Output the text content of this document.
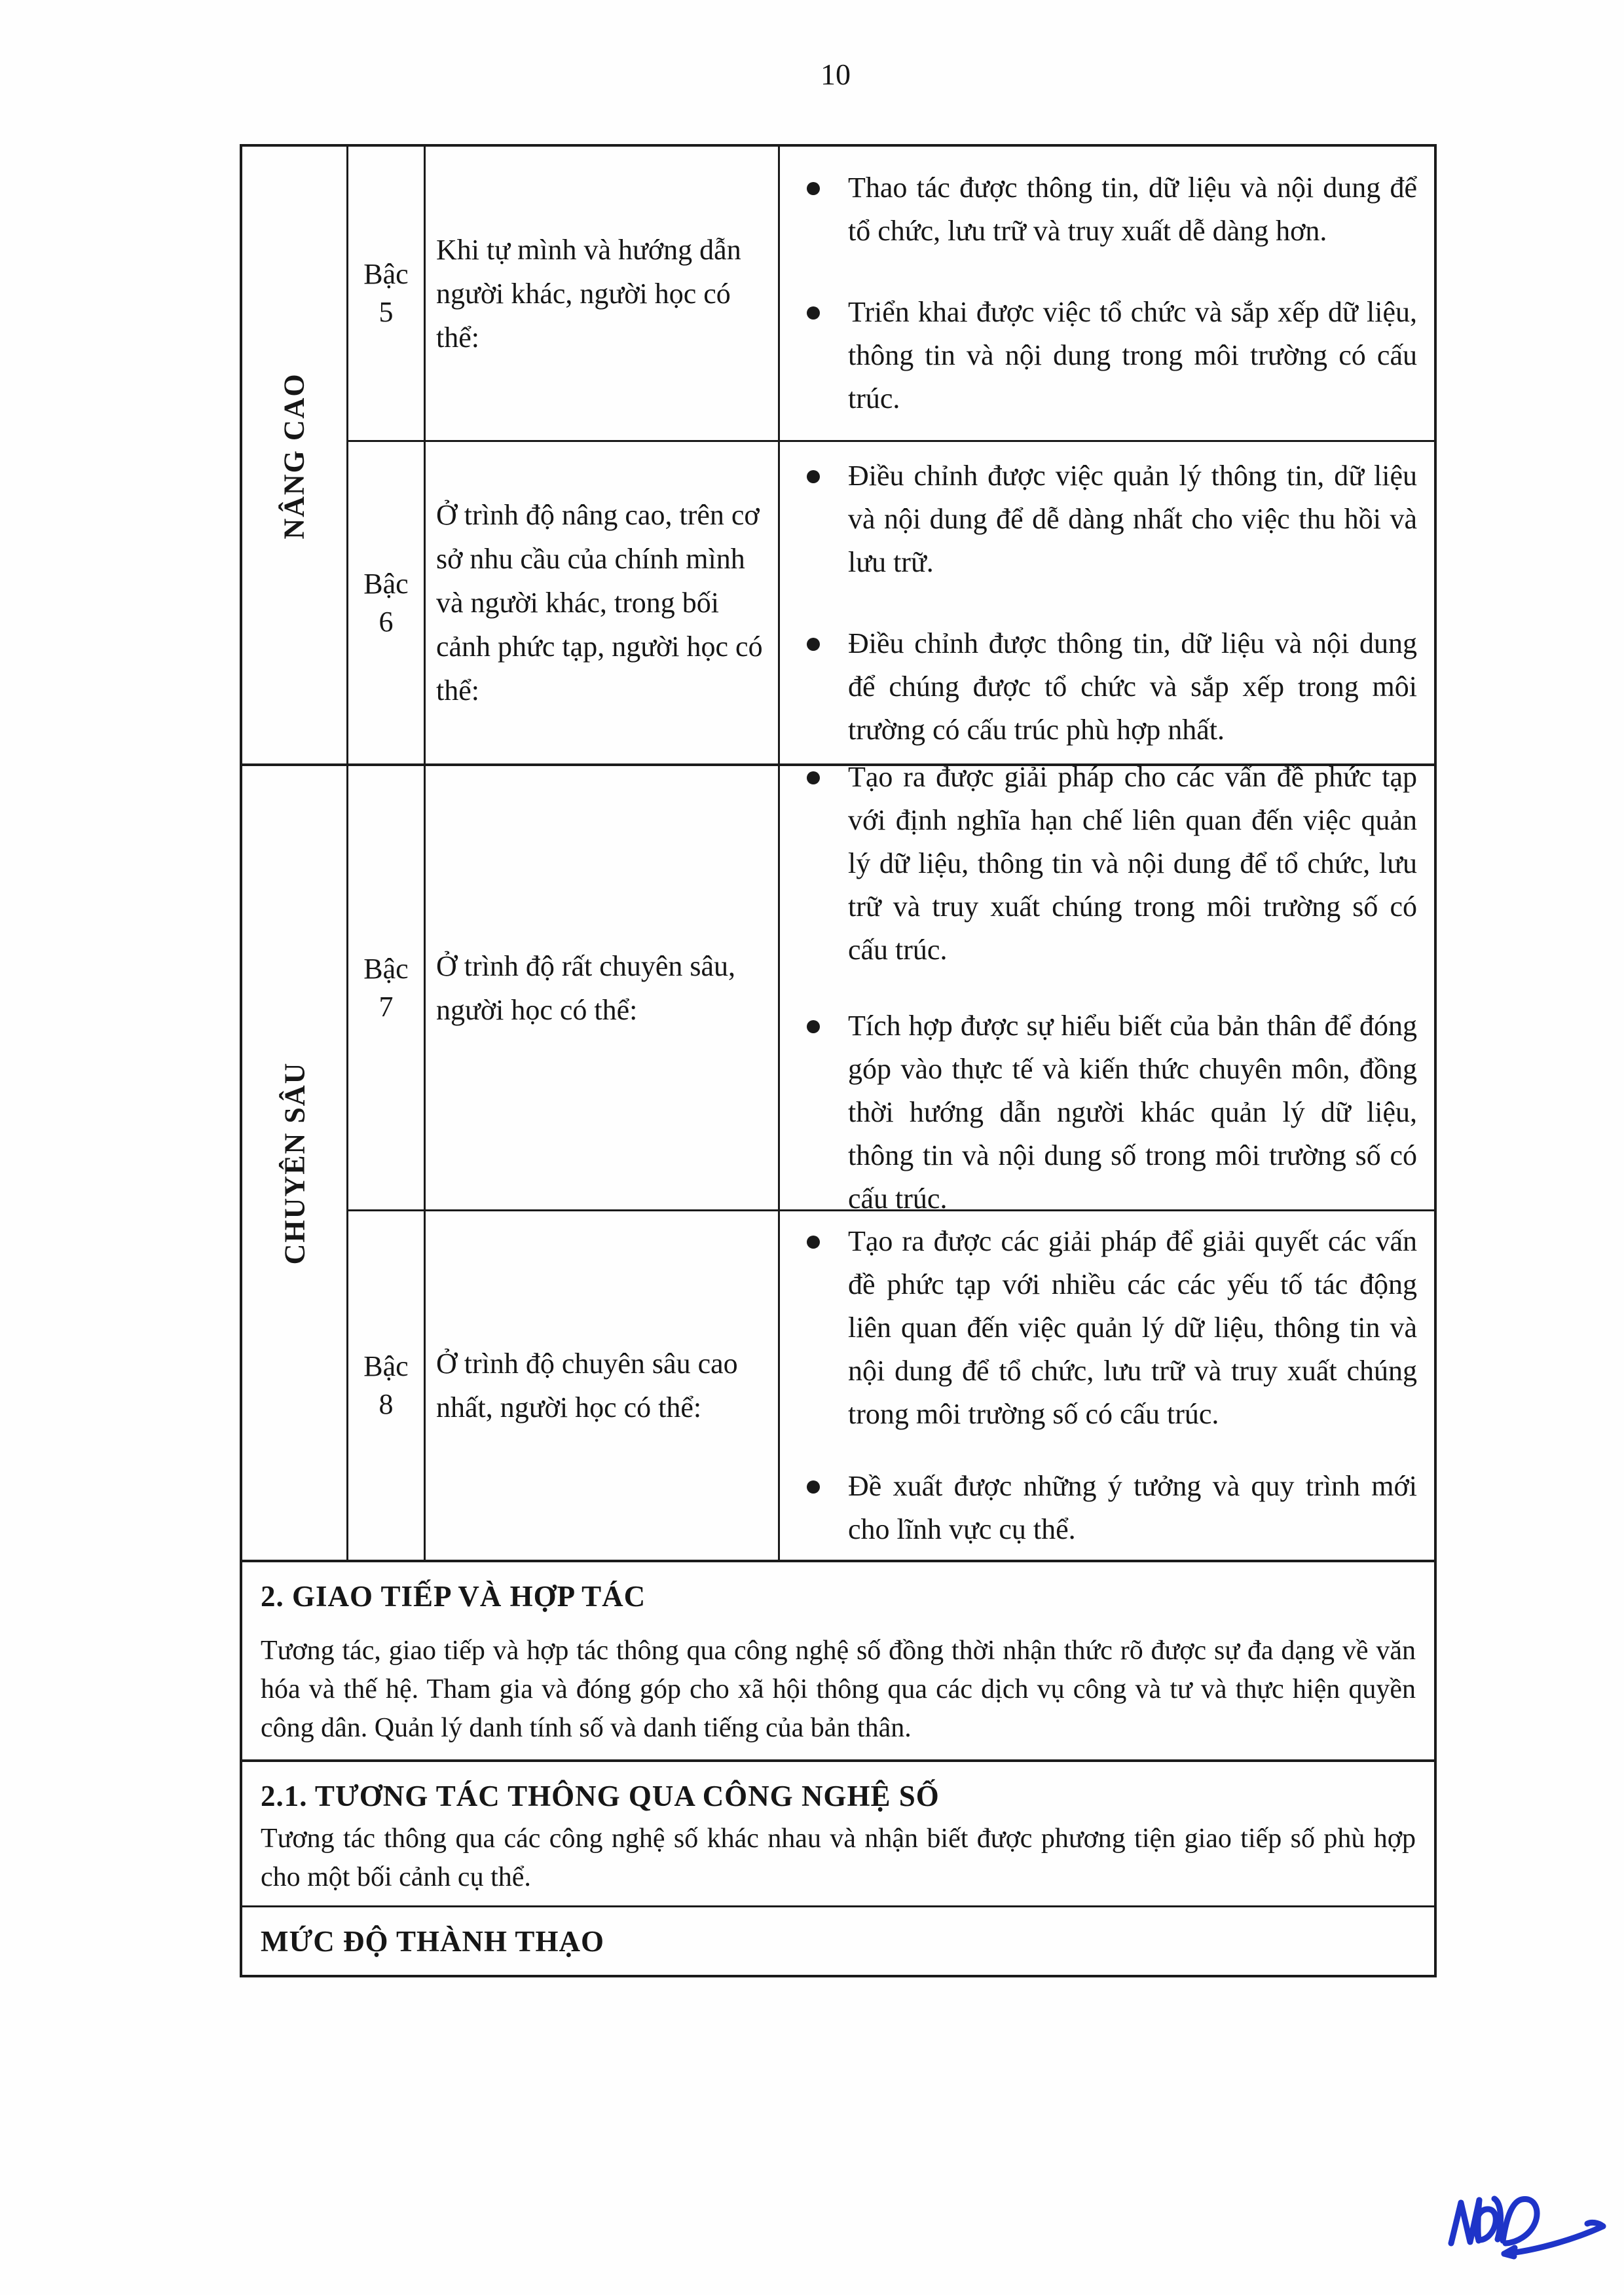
10
NÂNG CAO
CHUYÊN SÂU
Bậc
5
Khi tự mình và hướng dẫn người khác, người học có thể:
Thao tác được thông tin, dữ liệu và nội dung để tổ chức, lưu trữ và truy xuất dễ dàng hơn.
Triển khai được việc tổ chức và sắp xếp dữ liệu, thông tin và nội dung trong môi trường có cấu trúc.
Bậc
6
Ở trình độ nâng cao, trên cơ sở nhu cầu của chính mình và người khác, trong bối cảnh phức tạp, người học có thể:
Điều chỉnh được việc quản lý thông tin, dữ liệu và nội dung để dễ dàng nhất cho việc thu hồi và lưu trữ.
Điều chỉnh được thông tin, dữ liệu và nội dung để chúng được tổ chức và sắp xếp trong môi trường có cấu trúc phù hợp nhất.
Bậc
7
Ở trình độ rất chuyên sâu, người học có thể:
Tạo ra được giải pháp cho các vấn đề phức tạp với định nghĩa hạn chế liên quan đến việc quản lý dữ liệu, thông tin và nội dung để tổ chức, lưu trữ và truy xuất chúng trong môi trường số có cấu trúc.
Tích hợp được sự hiểu biết của bản thân để đóng góp vào thực tế và kiến thức chuyên môn, đồng thời hướng dẫn người khác quản lý dữ liệu, thông tin và nội dung số trong môi trường số có cấu trúc.
Bậc
8
Ở trình độ chuyên sâu cao nhất, người học có thể:
Tạo ra được các giải pháp để giải quyết các vấn đề phức tạp với nhiều các các yếu tố tác động liên quan đến việc quản lý dữ liệu, thông tin và nội dung để tổ chức, lưu trữ và truy xuất chúng trong môi trường số có cấu trúc.
Đề xuất được những ý tưởng và quy trình mới cho lĩnh vực cụ thể.
2. GIAO TIẾP VÀ HỢP TÁC
Tương tác, giao tiếp và hợp tác thông qua công nghệ số đồng thời nhận thức rõ được sự đa dạng về văn hóa và thế hệ. Tham gia và đóng góp cho xã hội thông qua các dịch vụ công và tư và thực hiện quyền công dân. Quản lý danh tính số và danh tiếng của bản thân.
2.1. TƯƠNG TÁC THÔNG QUA CÔNG NGHỆ SỐ
Tương tác thông qua các công nghệ số khác nhau và nhận biết được phương tiện giao tiếp số phù hợp cho một bối cảnh cụ thể.
MỨC ĐỘ THÀNH THẠO
